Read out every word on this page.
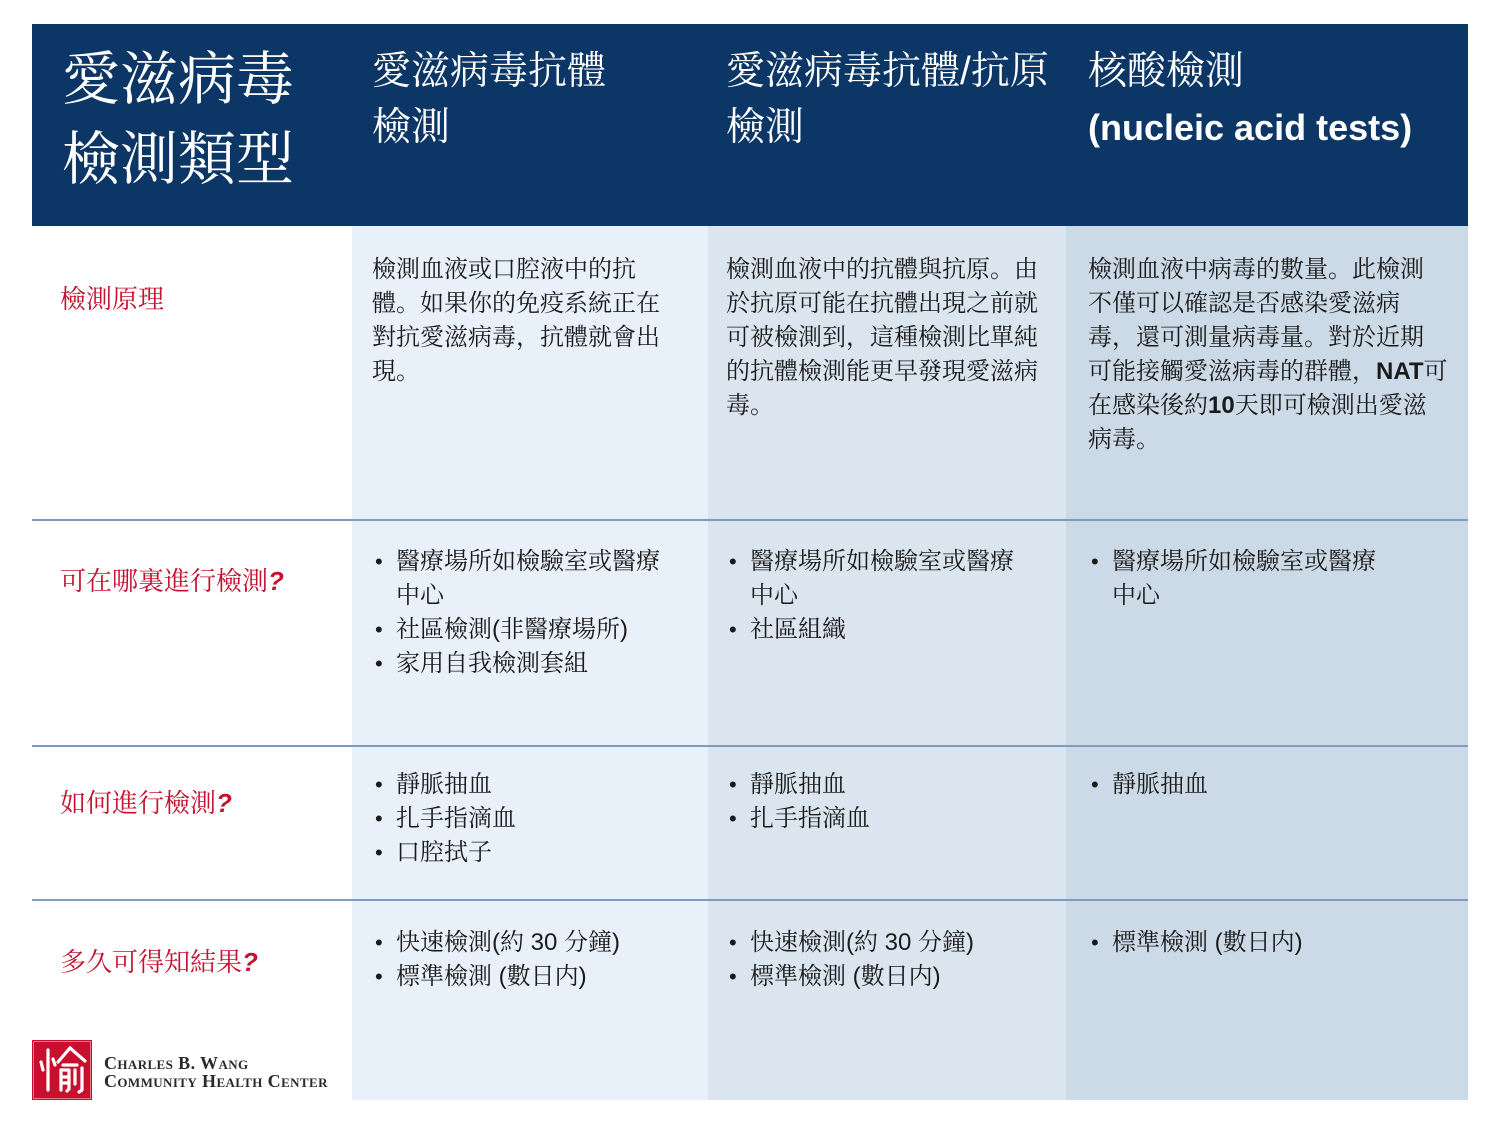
愛滋病毒
檢測類型
愛滋病毒抗體
檢測
愛滋病毒抗體/抗原
檢測
核酸檢測
(nucleic acid tests)
檢測原理
可在哪裏進行檢測?
如何進行檢測?
多久可得知結果?
檢測血液或口腔液中的抗
體。如果你的免疫系統正在
對抗愛滋病毒，抗體就會出
現。
檢測血液中的抗體與抗原。由
於抗原可能在抗體出現之前就
可被檢測到，這種檢測比單純
的抗體檢測能更早發現愛滋病
毒。
檢測血液中病毒的數量。此檢測
不僅可以確認是否感染愛滋病
毒，還可測量病毒量。對於近期
可能接觸愛滋病毒的群體，NAT可
在感染後約10天即可檢測出愛滋
病毒。
• 醫療場所如檢驗室或醫療
中心
• 社區檢測(非醫療場所)
• 家用自我檢測套組
• 醫療場所如檢驗室或醫療
中心
• 社區組織
• 醫療場所如檢驗室或醫療
中心
• 靜脈抽血
• 扎手指滴血
• 口腔拭子
• 靜脈抽血
• 扎手指滴血
• 靜脈抽血
• 快速檢測(約 30 分鐘)
• 標準檢測 (數日内)
• 快速檢測(約 30 分鐘)
• 標準檢測 (數日内)
• 標準檢測 (數日内)
Charles B. Wang
Community Health Center
